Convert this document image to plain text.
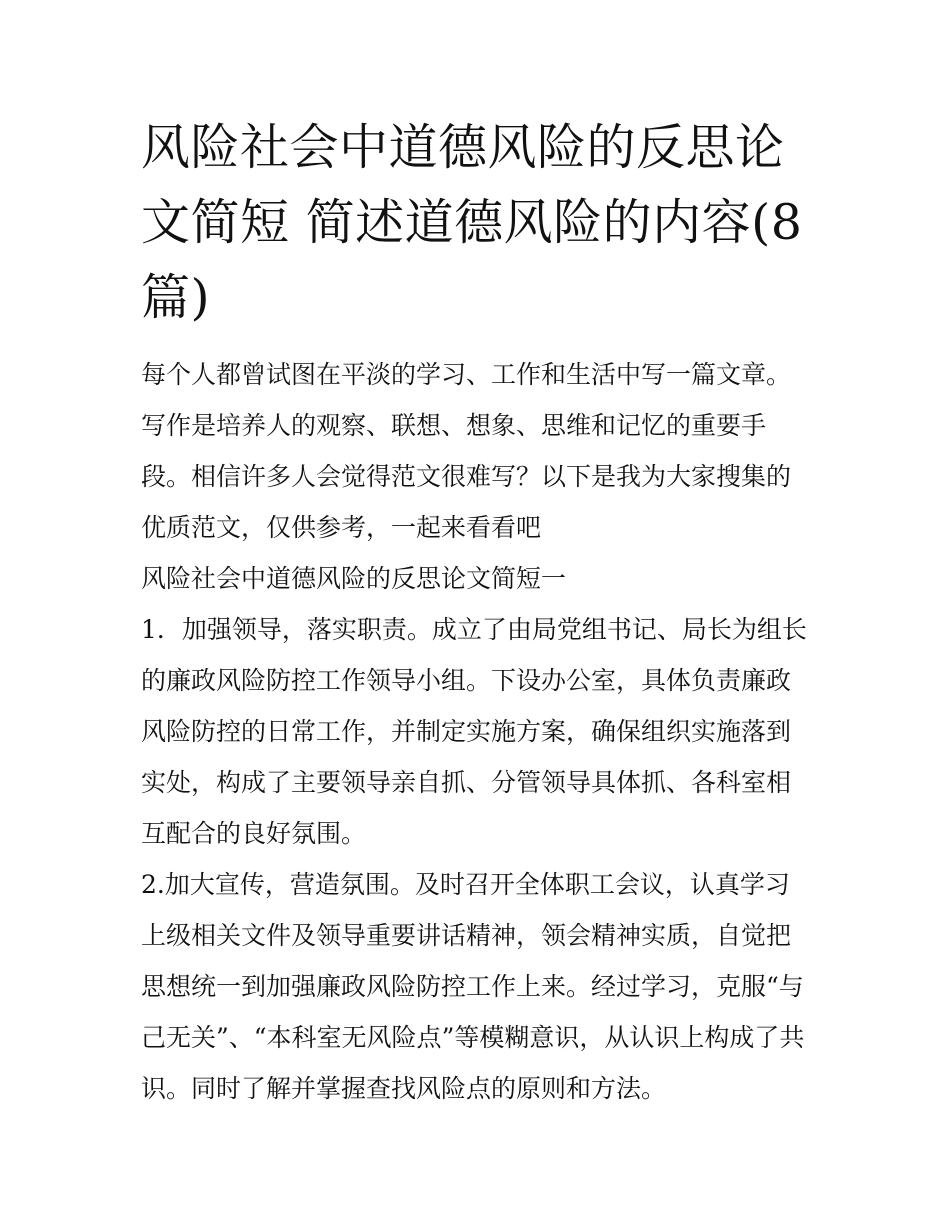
风险社会中道德风险的反思论文简短 简述道德风险的内容(8篇)

每个人都曾试图在平淡的学习、工作和生活中写一篇文章。写作是培养人的观察、联想、想象、思维和记忆的重要手段。相信许多人会觉得范文很难写？以下是我为大家搜集的优质范文，仅供参考，一起来看看吧

风险社会中道德风险的反思论文简短一

1．加强领导，落实职责。成立了由局党组书记、局长为组长的廉政风险防控工作领导小组。下设办公室，具体负责廉政风险防控的日常工作，并制定实施方案，确保组织实施落到实处，构成了主要领导亲自抓、分管领导具体抓、各科室相互配合的良好氛围。

2.加大宣传，营造氛围。及时召开全体职工会议，认真学习上级相关文件及领导重要讲话精神，领会精神实质，自觉把思想统一到加强廉政风险防控工作上来。经过学习，克服“与己无关”、“本科室无风险点”等模糊意识，从认识上构成了共识。同时了解并掌握查找风险点的原则和方法。
